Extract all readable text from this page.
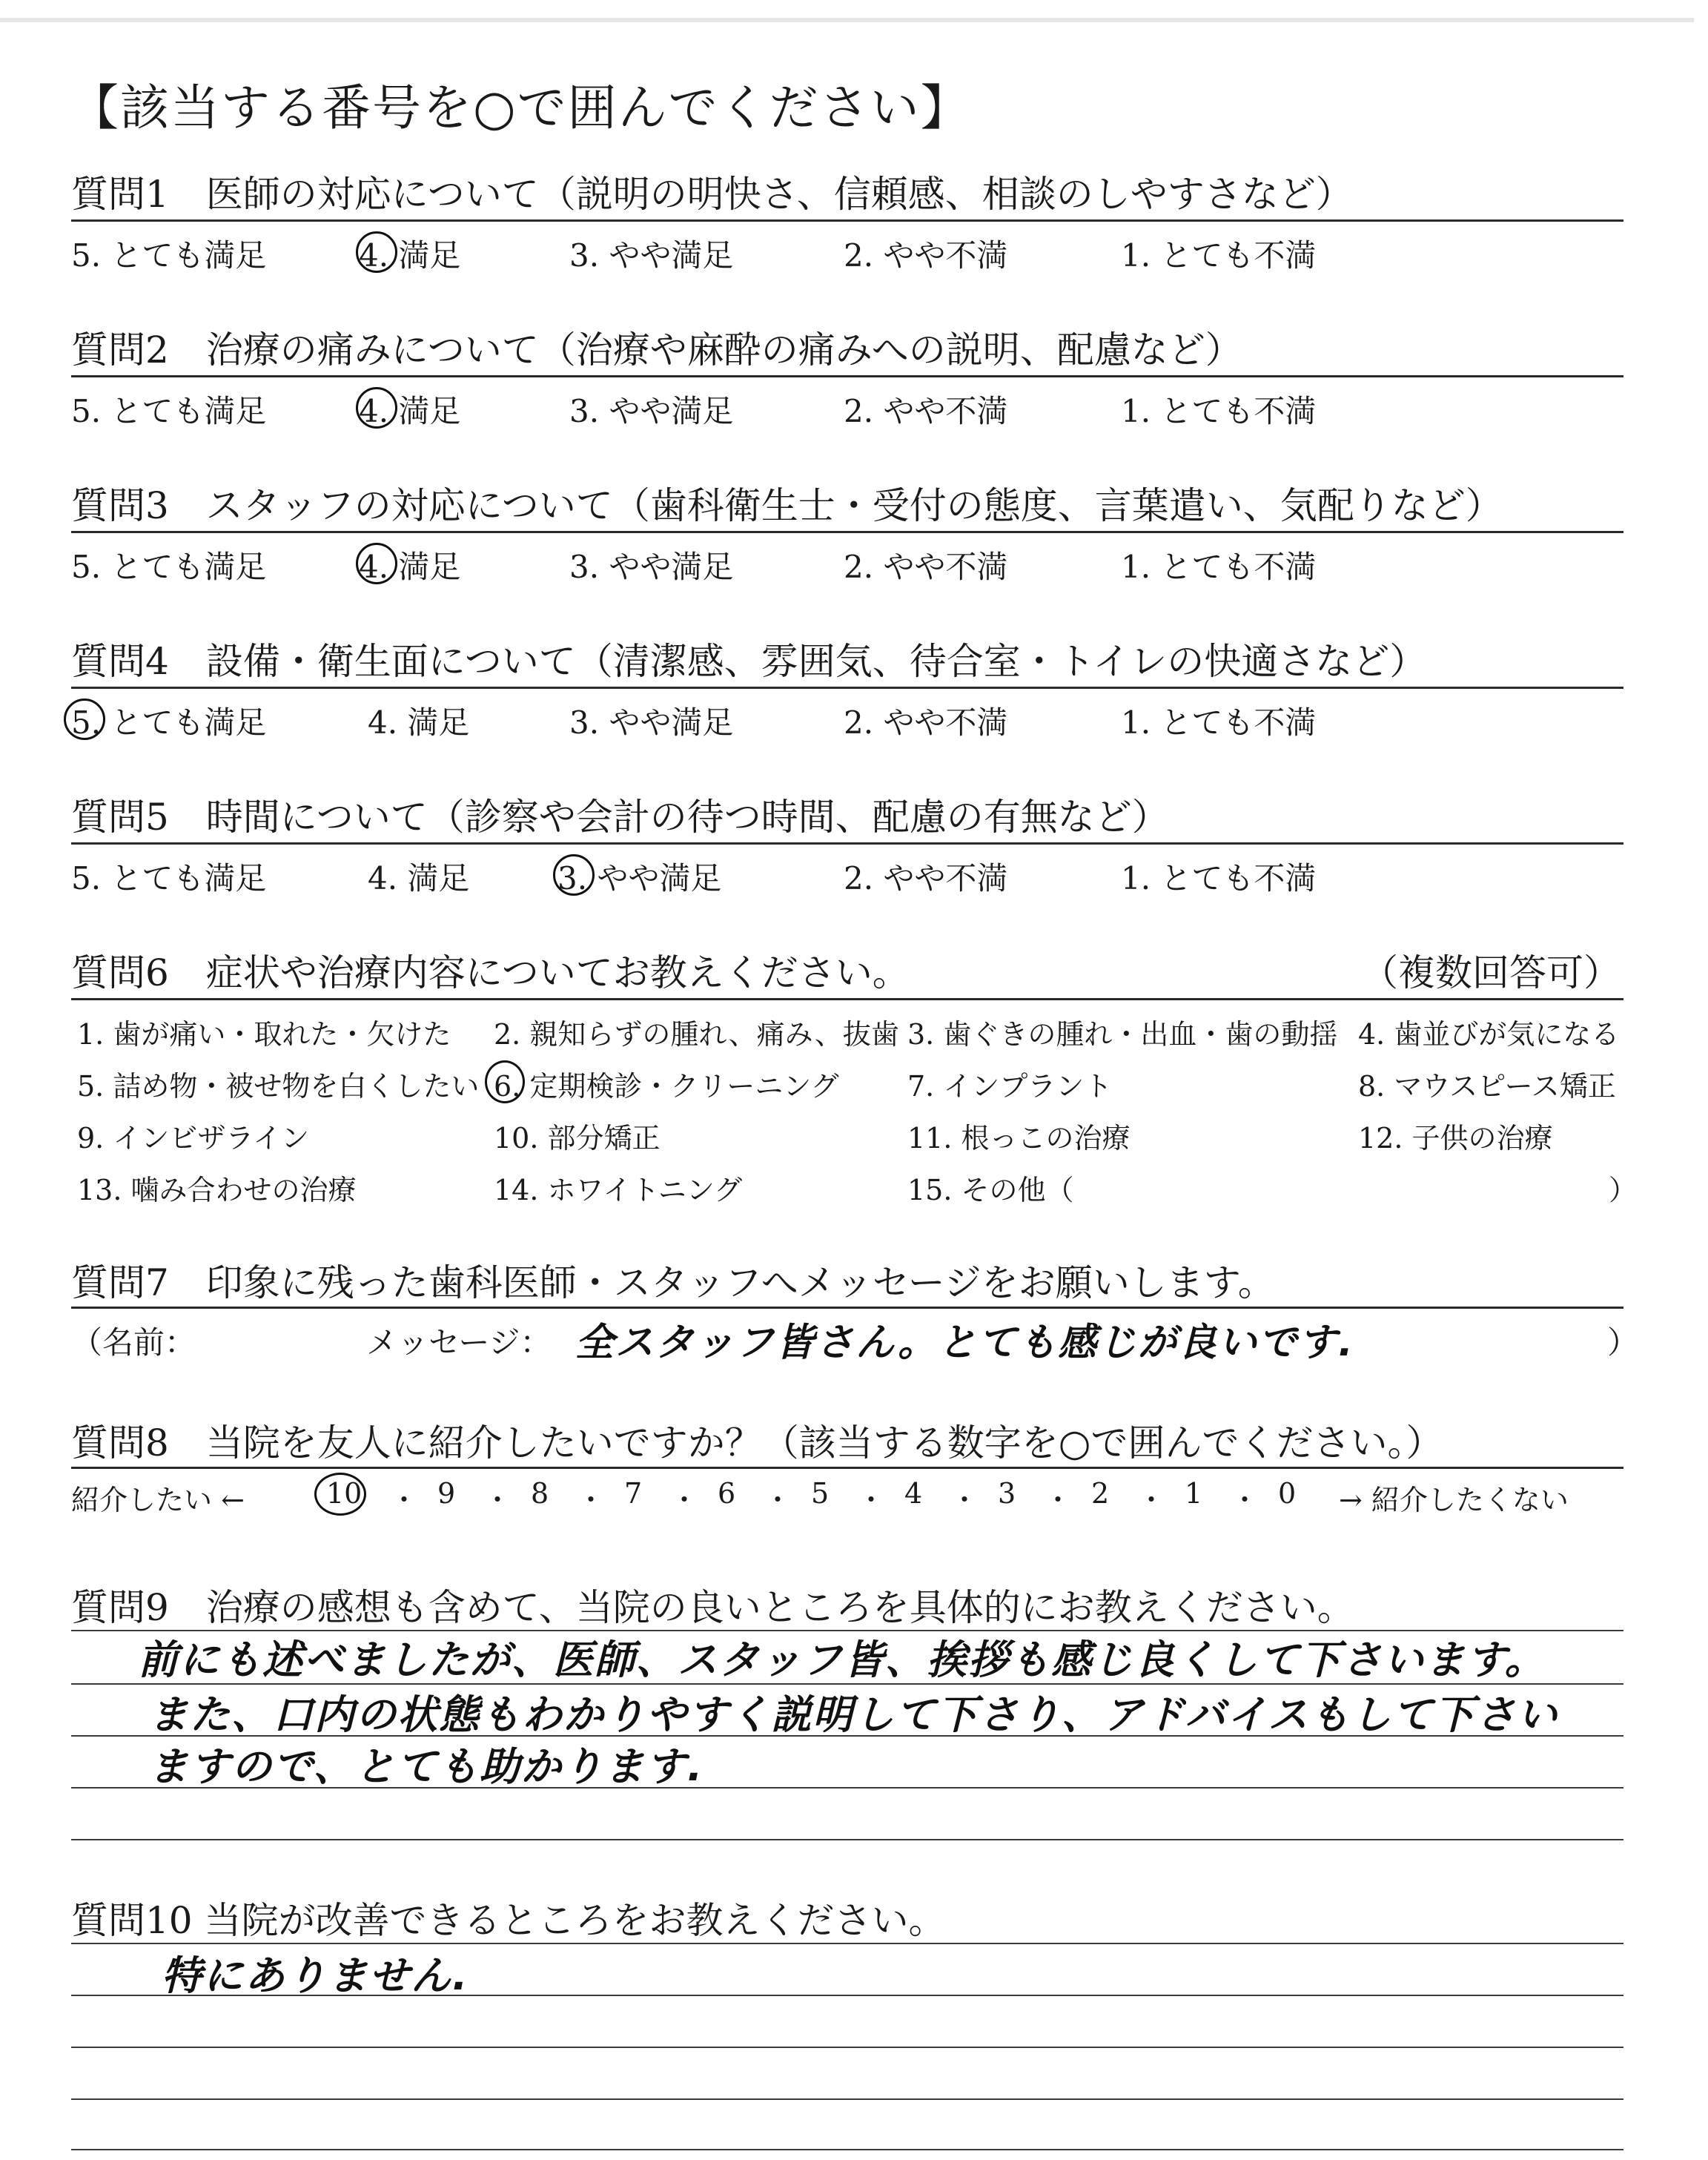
【該当する番号を○で囲んでください】
質問1　医師の対応について（説明の明快さ、信頼感、相談のしやすさなど）
5. とても満足	4. 満足	3. やや満足	2. やや不満	1. とても不満
質問2　治療の痛みについて（治療や麻酔の痛みへの説明、配慮など）
5. とても満足	4. 満足	3. やや満足	2. やや不満	1. とても不満
質問3　スタッフの対応について（歯科衛生士・受付の態度、言葉遣い、気配りなど）
5. とても満足	4. 満足	3. やや満足	2. やや不満	1. とても不満
質問4　設備・衛生面について（清潔感、雰囲気、待合室・トイレの快適さなど）
5. とても満足	4. 満足	3. やや満足	2. やや不満	1. とても不満
質問5　時間について（診察や会計の待つ時間、配慮の有無など）
5. とても満足	4. 満足	3. やや満足	2. やや不満	1. とても不満
質問6　症状や治療内容についてお教えください。	（複数回答可）
1. 歯が痛い・取れた・欠けた 2. 親知らずの腫れ、痛み、抜歯 3. 歯ぐきの腫れ・出血・歯の動揺 4. 歯並びが気になる
5. 詰め物・被せ物を白くしたい 6. 定期検診・クリーニング 7. インプラント	8. マウスピース矯正
9. インビザライン	10. 部分矯正	11. 根っこの治療	12. 子供の治療
13. 噛み合わせの治療	14. ホワイトニング	15. その他（	）
質問7　印象に残った歯科医師・スタッフへメッセージをお願いします。
（名前：	メッセージ： 全スタッフ皆さん。とても感じが良いです.	）
質問8　当院を友人に紹介したいですか？（該当する数字を○で囲んでください。）
紹介したい ←	→ 紹介したくない
10 ・ 9 ・ 8 ・ 7 ・ 6 ・ 5 ・ 4 ・ 3 ・ 2 ・ 1 ・ 0
質問9　治療の感想も含めて、当院の良いところを具体的にお教えください。
前にも述べましたが、医師、スタッフ皆、挨拶も感じ良くして下さいます。
また、口内の状態もわかりやすく説明して下さり、アドバイスもして下さい
ますので、とても助かります.
質問10 当院が改善できるところをお教えください。
特にありません.
